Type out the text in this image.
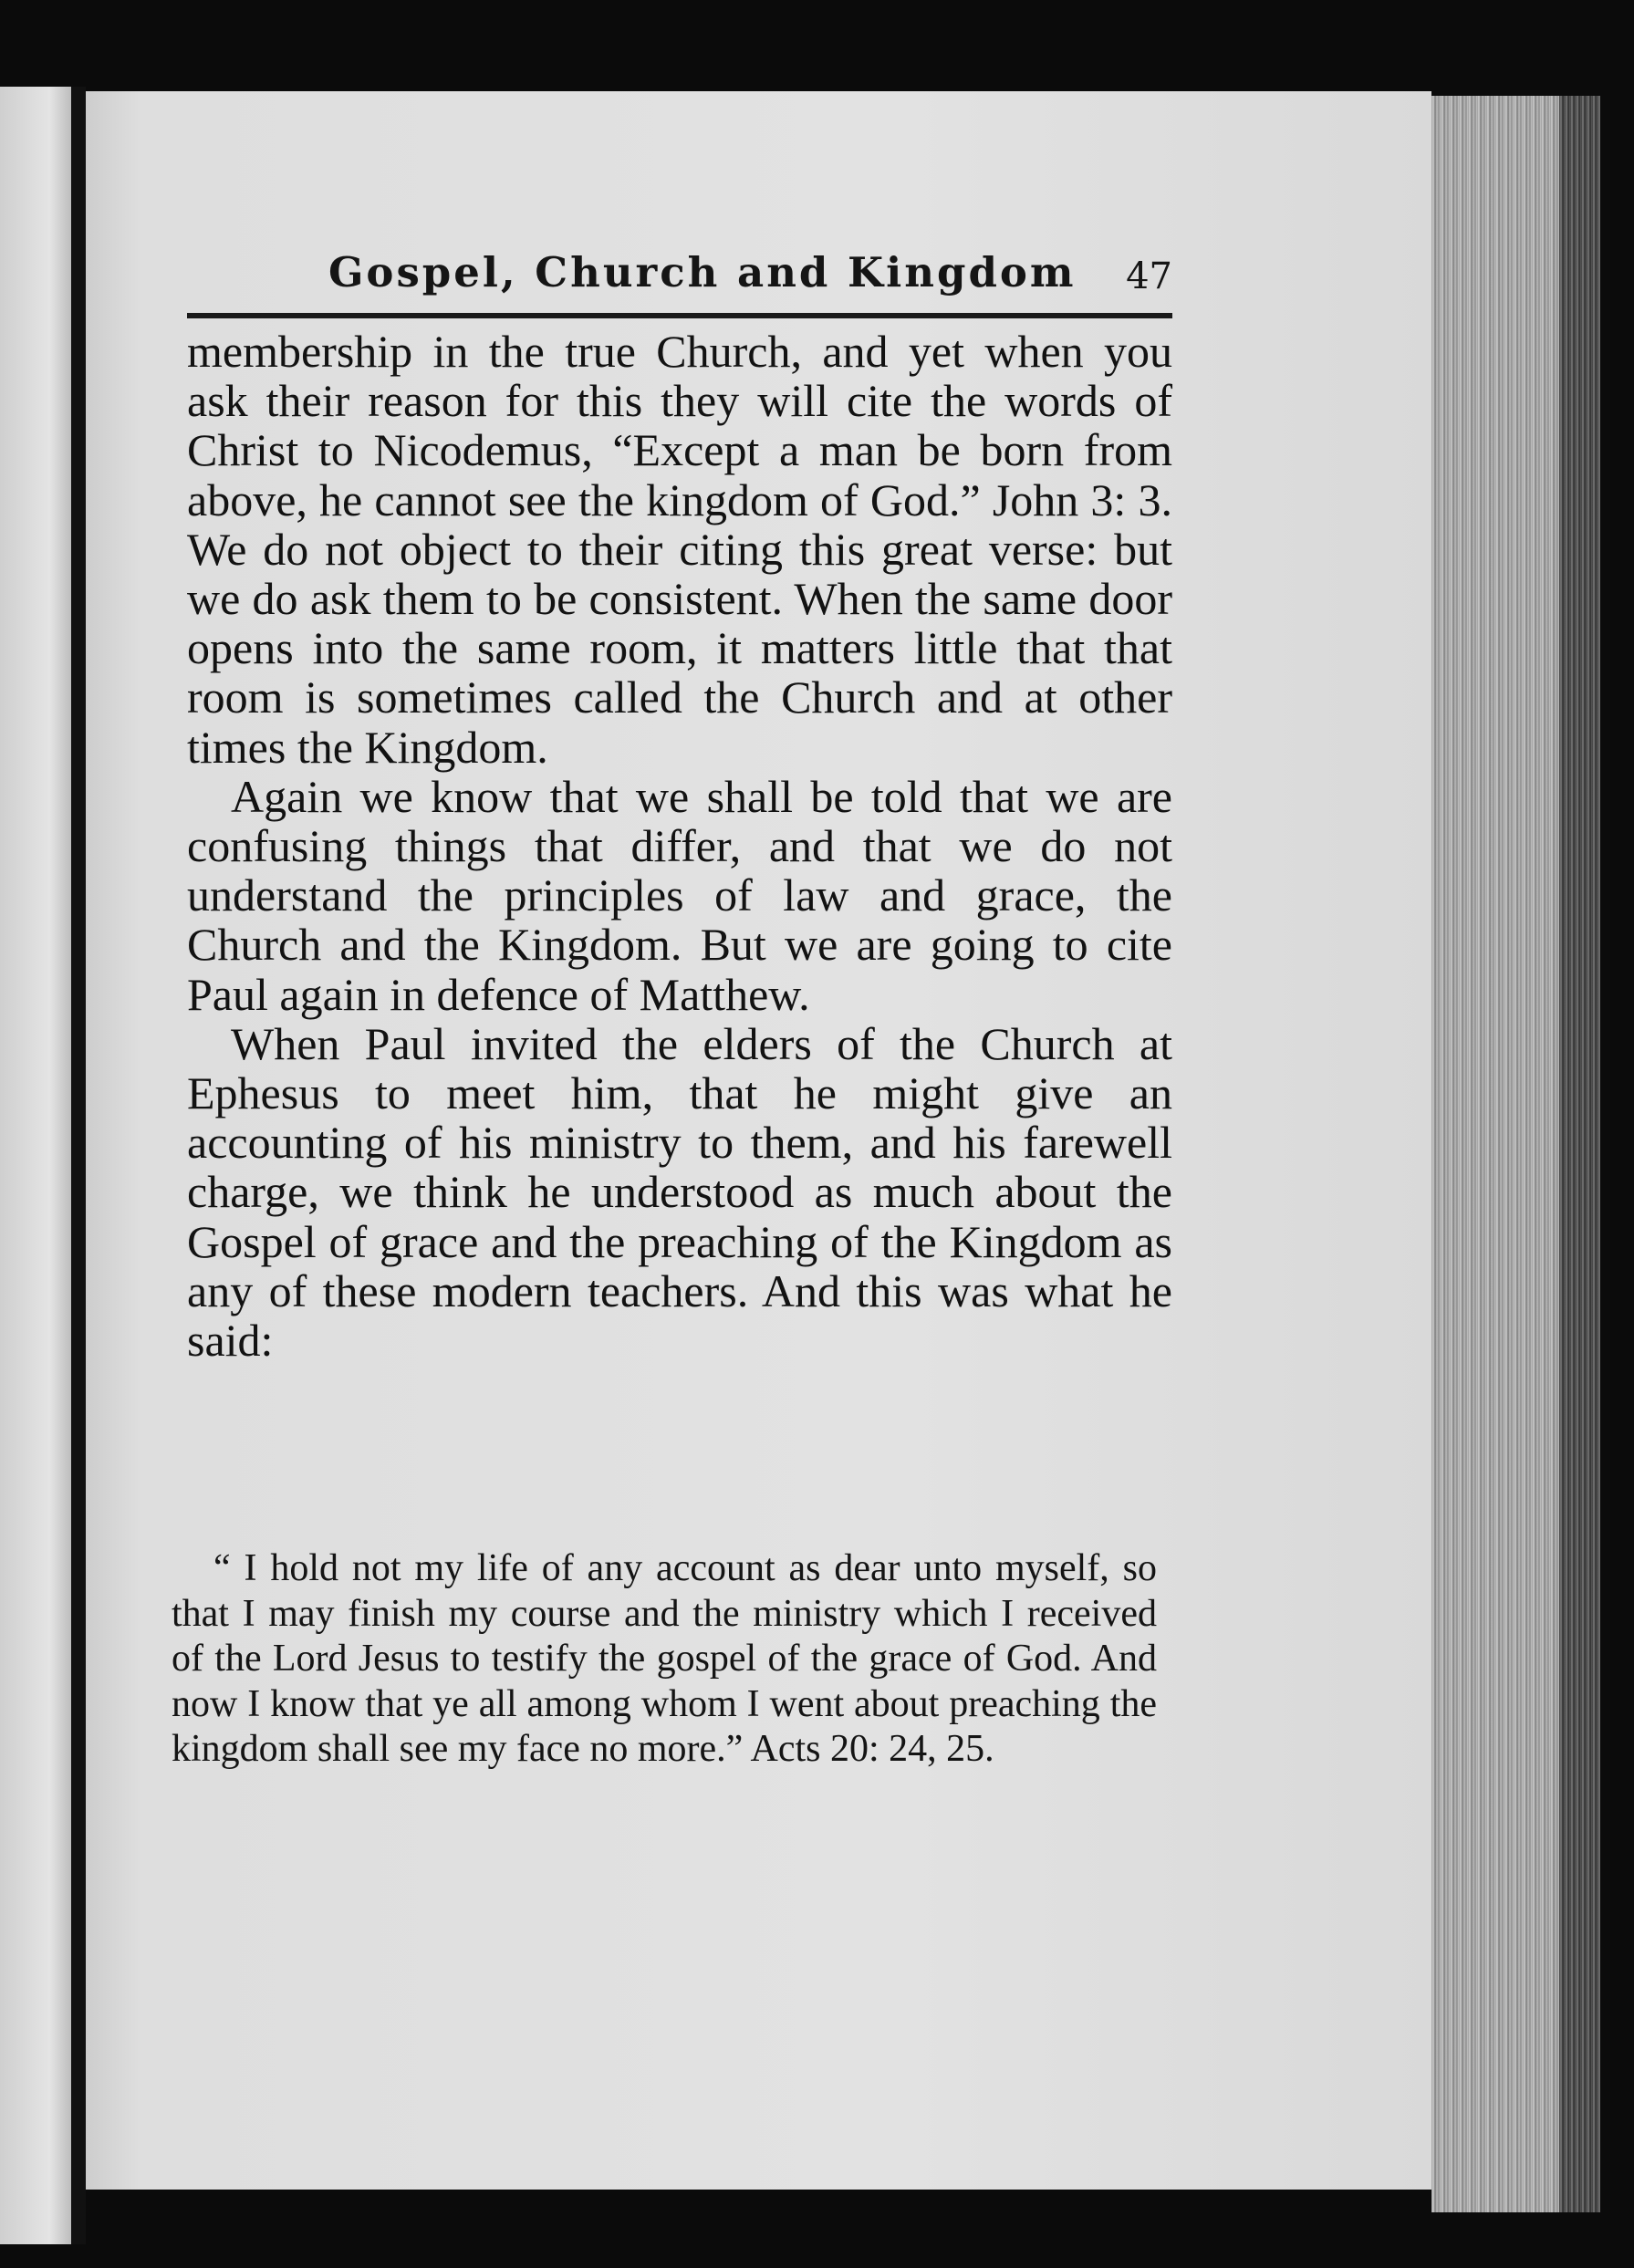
Gospel, Church and Kingdom 47

membership in the true Church, and yet when you ask their reason for this they will cite the words of Christ to Nicodemus, “Except a man be born from above, he cannot see the kingdom of God.” John 3: 3. We do not object to their citing this great verse: but we do ask them to be consistent. When the same door opens into the same room, it matters little that that room is sometimes called the Church and at other times the Kingdom.

Again we know that we shall be told that we are confusing things that differ, and that we do not understand the principles of law and grace, the Church and the Kingdom. But we are going to cite Paul again in defence of Matthew.

When Paul invited the elders of the Church at Ephesus to meet him, that he might give an accounting of his ministry to them, and his farewell charge, we think he understood as much about the Gospel of grace and the preaching of the Kingdom as any of these modern teachers. And this was what he said:

“ I hold not my life of any account as dear unto myself, so that I may finish my course and the ministry which I received of the Lord Jesus to testify the gospel of the grace of God. And now I know that ye all among whom I went about preaching the kingdom shall see my face no more.” Acts 20: 24, 25.
